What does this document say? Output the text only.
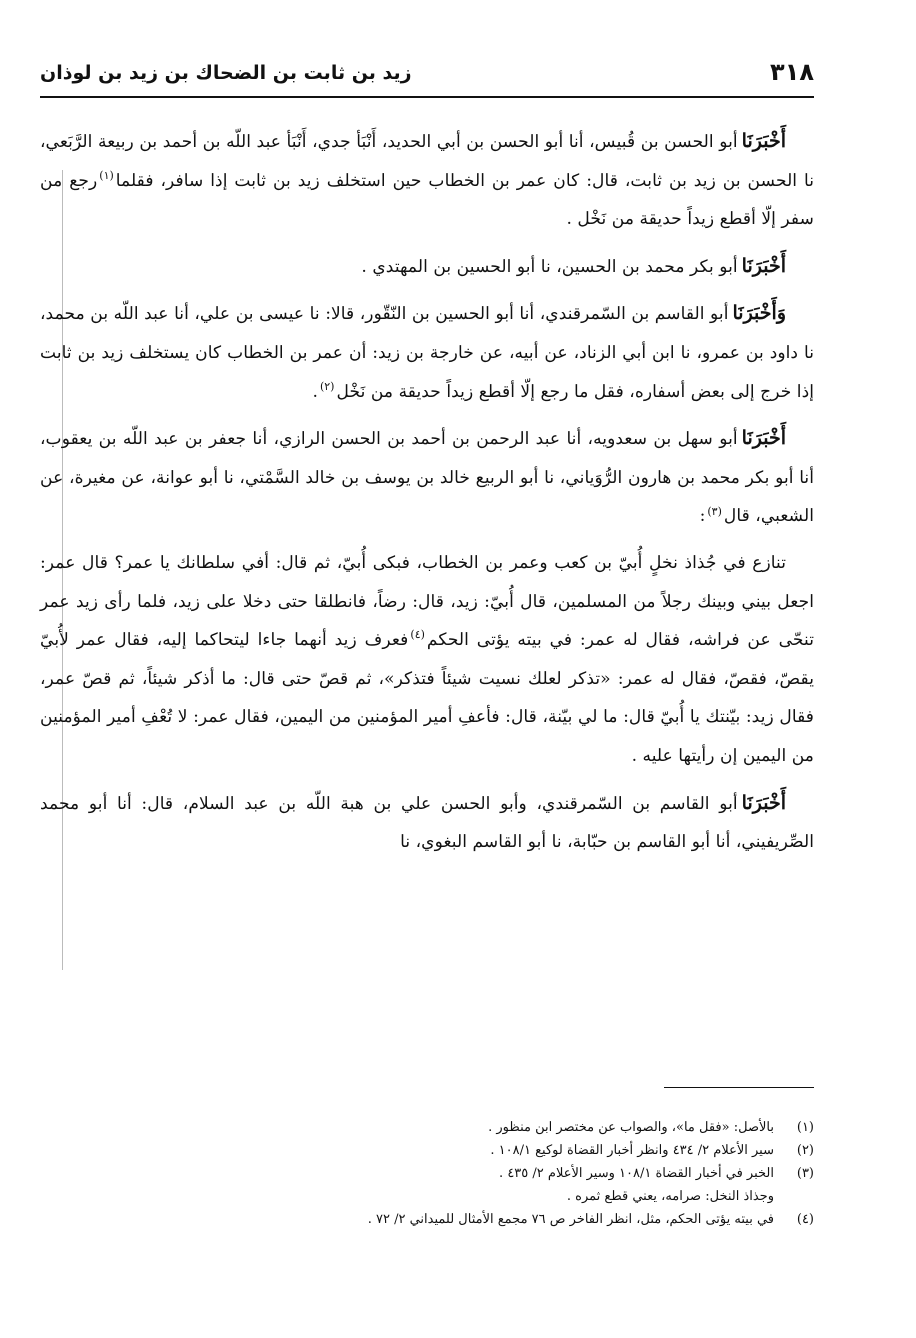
٣١٨
زيد بن ثابت بن الضحاك بن زيد بن لوذان

أَخْبَرَنَاأبو الحسن بن قُبيس، أنا أبو الحسن بن أبي الحديد، أَنْبَأ جدي، أَنْبَأ عبد اللّه بن أحمد بن ربيعة الرَّبَعي، نا الحسن بن زيد بن ثابت، قال: كان عمر بن الخطاب حين استخلف زيد بن ثابت إذا سافر، فقلما$^{(١)}$رجع من سفر إلّا أقطع زيداً حديقة من نَخْل .

أَخْبَرَنَاأبو بكر محمد بن الحسين، نا أبو الحسين بن المهتدي .

وَأَخْبَرَنَاأبو القاسم بن السّمرقندي، أنا أبو الحسين بن النّقّور، قالا: نا عيسى بن علي، أنا عبد اللّه بن محمد، نا داود بن عمرو، نا ابن أبي الزناد، عن أبيه، عن خارجة بن زيد: أن عمر بن الخطاب كان يستخلف زيد بن ثابت إذا خرج إلى بعض أسفاره، فقل ما رجع إلّا أقطع زيداً حديقة من نَخْل$^{(٢)}$.

أَخْبَرَنَاأبو سهل بن سعدويه، أنا عبد الرحمن بن أحمد بن الحسن الرازي، أنا جعفر بن عبد اللّه بن يعقوب، أنا أبو بكر محمد بن هارون الرُّوَياني، نا أبو الربيع خالد بن يوسف بن خالد السَّمْتي، نا أبو عوانة، عن مغيرة، عن الشعبي، قال$^{(٣)}$:

تنازع في جُذاذ نخلٍ أُبيّ بن كعب وعمر بن الخطاب، فبكى أُبيّ، ثم قال: أفي سلطانك يا عمر؟ قال عمر: اجعل بيني وبينك رجلاً من المسلمين، قال أُبيّ: زيد، قال: رضاً، فانطلقا حتى دخلا على زيد، فلما رأى زيد عمر تنحّى عن فراشه، فقال له عمر: في بيته يؤتى الحكم$^{(٤)}$فعرف زيد أنهما جاءا ليتحاكما إليه، فقال عمر لأُبيّ يقصّ، فقصّ، فقال له عمر: «تذكر لعلك نسيت شيئاً فتذكر»، ثم قصّ حتى قال: ما أذكر شيئاً، ثم قصّ عمر، فقال زيد: بيّنتك يا أُبيّ قال: ما لي بيّنة، قال: فأعفِ أمير المؤمنين من اليمين، فقال عمر: لا تُعْفِ أمير المؤمنين من اليمين إن رأيتها عليه .

أَخْبَرَنَاأبو القاسم بن السّمرقندي، وأبو الحسن علي بن هبة اللّه بن عبد السلام، قال: أنا أبو محمد الصِّريفيني، أنا أبو القاسم بن حبّابة، نا أبو القاسم البغوي، نا

(١)
بالأصل: «فقل ما»، والصواب عن مختصر ابن منظور .
(٢)
سير الأعلام ٢/ ٤٣٤ وانظر أخبار القضاة لوكيع ١٠٨/١ .
(٣)
الخبر في أخبار القضاة ١٠٨/١ وسير الأعلام ٢/ ٤٣٥ .
وجذاذ النخل: صرامه، يعني قطع ثمره .
(٤)
في بيته يؤتى الحكم، مثل، انظر الفاخر ص ٧٦ مجمع الأمثال للميداني ٢/ ٧٢ .
